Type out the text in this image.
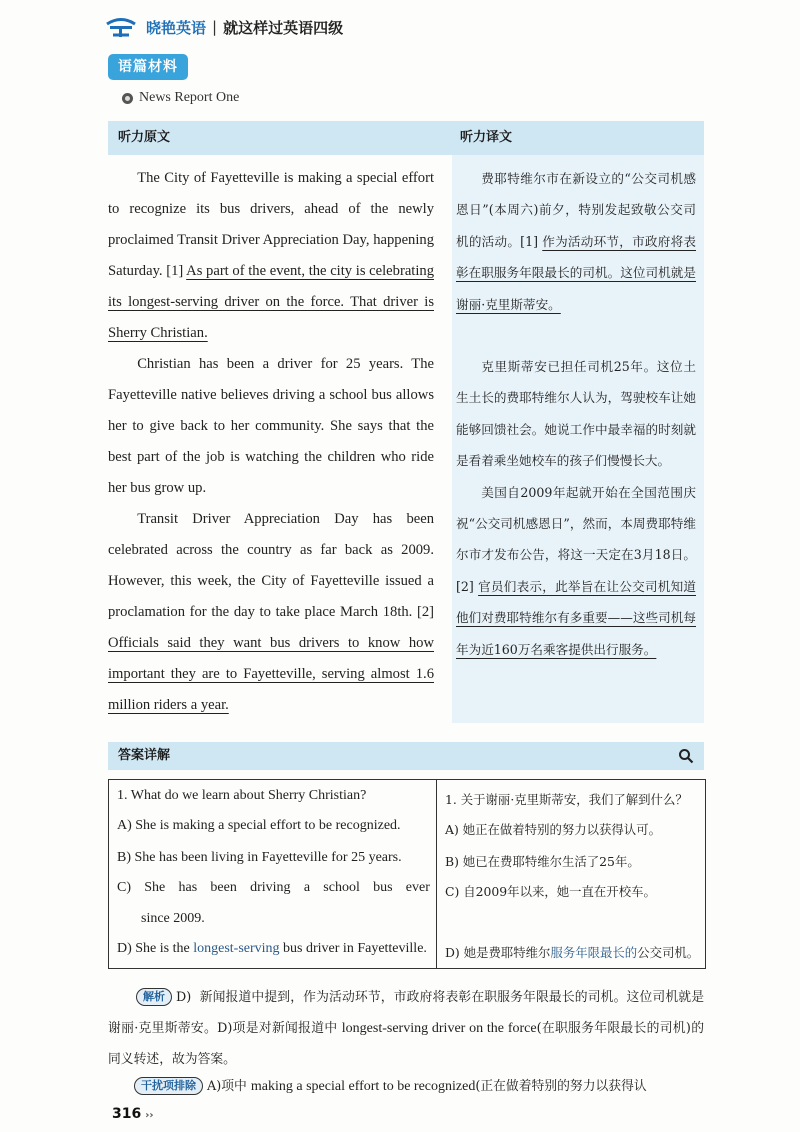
晓艳英语 | 就这样过英语四级
语篇材料
News Report One
听力原文	听力译文

The City of Fayetteville is making a special effort to recognize its bus drivers, ahead of the newly proclaimed Transit Driver Appreciation Day, happening Saturday. [1] As part of the event, the city is celebrating its longest-serving driver on the force. That driver is Sherry Christian.

Christian has been a driver for 25 years. The Fayetteville native believes driving a school bus allows her to give back to her community. She says that the best part of the job is watching the children who ride her bus grow up.

Transit Driver Appreciation Day has been celebrated across the country as far back as 2009. However, this week, the City of Fayetteville issued a proclamation for the day to take place March 18th. [2] Officials said they want bus drivers to know how important they are to Fayetteville, serving almost 1.6 million riders a year.

费耶特维尔市在新设立的“公交司机感恩日”(本周六)前夕，特别发起致敬公交司机的活动。[1] 作为活动环节，市政府将表彰在职服务年限最长的司机。这位司机就是谢丽·克里斯蒂安。

克里斯蒂安已担任司机25年。这位土生土长的费耶特维尔人认为，驾驶校车让她能够回馈社会。她说工作中最幸福的时刻就是看着乘坐她校车的孩子们慢慢长大。

美国自2009年起就开始在全国范围庆祝“公交司机感恩日”，然而，本周费耶特维尔市才发布公告，将这一天定在3月18日。[2] 官员们表示，此举旨在让公交司机知道他们对费耶特维尔有多重要——这些司机每年为近160万名乘客提供出行服务。

答案详解
1. What do we learn about Sherry Christian?
A) She is making a special effort to be recognized.
B) She has been living in Fayetteville for 25 years.
C) She has been driving a school bus ever
since 2009.
D) She is the longest-serving bus driver in Fayetteville.
1. 关于谢丽·克里斯蒂安，我们了解到什么？
A) 她正在做着特别的努力以获得认可。
B) 她已在费耶特维尔生活了25年。
C) 自2009年以来，她一直在开校车。
D) 她是费耶特维尔服务年限最长的公交司机。
解析 D) 新闻报道中提到，作为活动环节，市政府将表彰在职服务年限最长的司机。这位司机就是谢丽·克里斯蒂安。D)项是对新闻报道中 longest-serving driver on the force(在职服务年限最长的司机)的同义转述，故为答案。
干扰项排除 A)项中 making a special effort to be recognized(正在做着特别的努力以获得认
316 ››
